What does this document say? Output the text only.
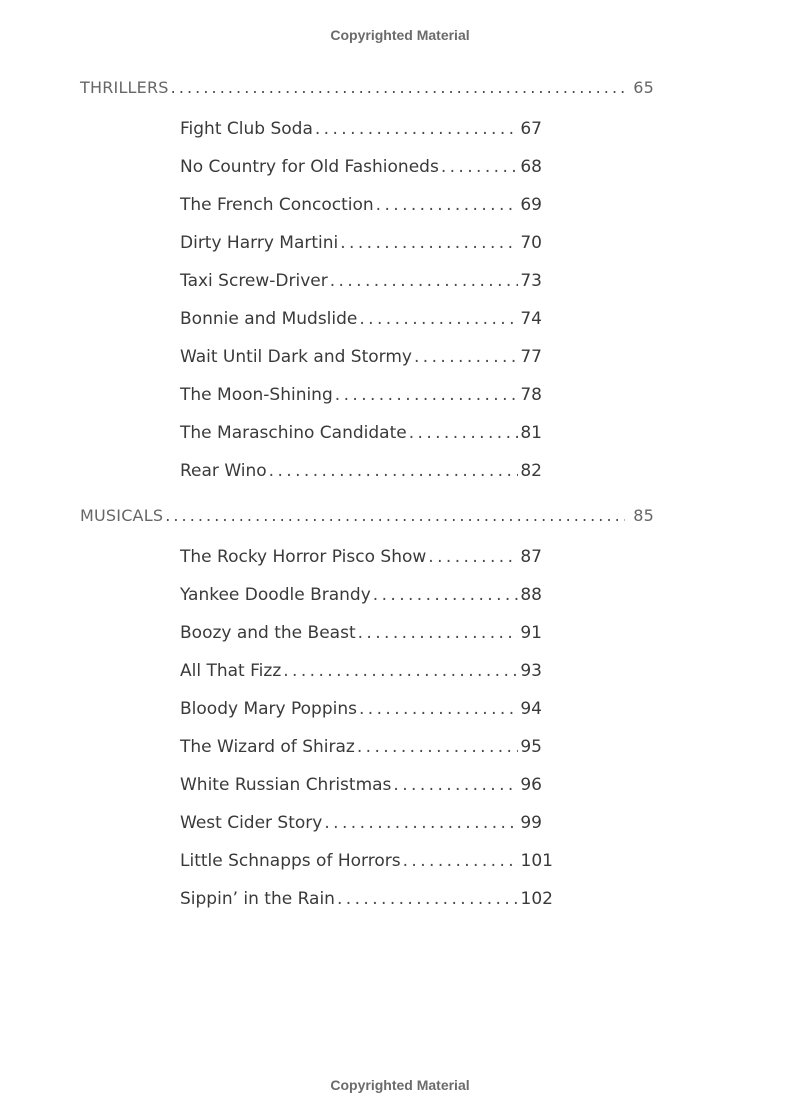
Copyrighted Material
THRILLERS . . .	65
Fight Club Soda . . .	67
No Country for Old Fashioneds . . .	68
The French Concoction . . .	69
Dirty Harry Martini . . .	70
Taxi Screw-Driver . . .	73
Bonnie and Mudslide . . .	74
Wait Until Dark and Stormy . . .	77
The Moon-Shining . . .	78
The Maraschino Candidate . . .	81
Rear Wino . . .	82
MUSICALS . . .	85
The Rocky Horror Pisco Show . . .	87
Yankee Doodle Brandy . . .	88
Boozy and the Beast . . .	91
All That Fizz . . .	93
Bloody Mary Poppins . . .	94
The Wizard of Shiraz . . .	95
White Russian Christmas . . .	96
West Cider Story . . .	99
Little Schnapps of Horrors . . .	101
Sippin’ in the Rain . . .	102
Copyrighted Material
